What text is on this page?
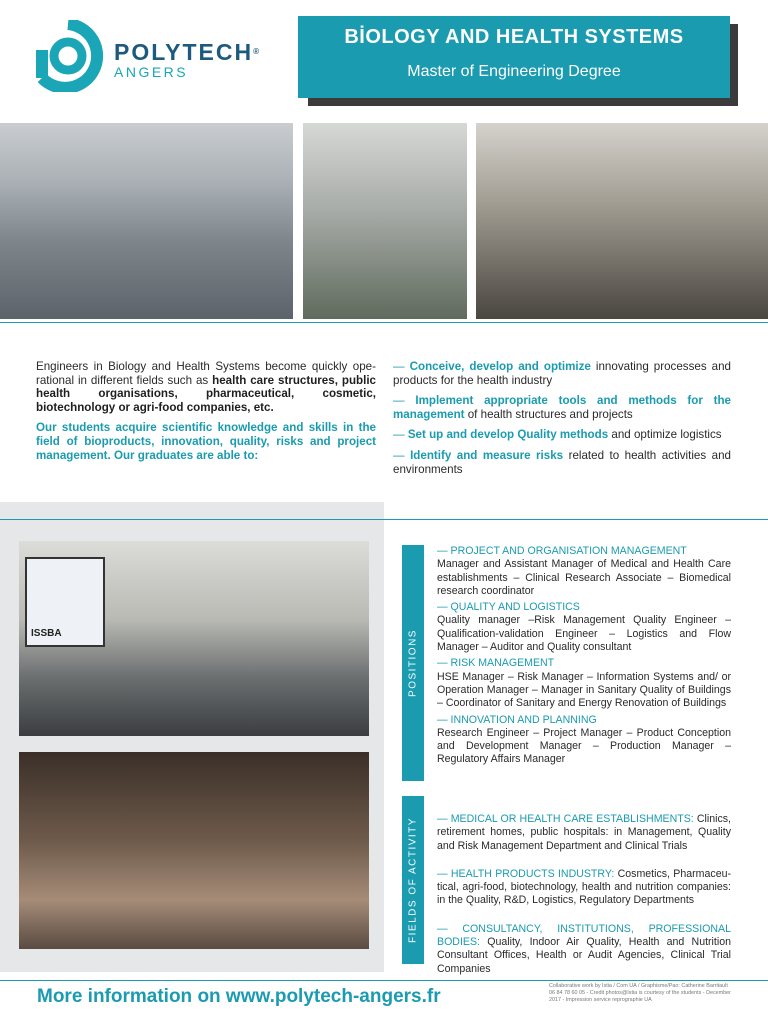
POLYTECH®
ANGERS
BİOLOGY AND HEALTH SYSTEMS
Master of Engineering Degree
Engineers in Biology and Health Systems become quickly operational in different fields such as health care structures, public health organisations, pharmaceutical, cosmetic, biotechnology or agri-food companies, etc.
Our students acquire scientific knowledge and skills in the field of bioproducts, innovation, quality, risks and project management. Our graduates are able to:
— Conceive, develop and optimize innovating processes and products for the health industry
— Implement appropriate tools and methods for the management of health structures and projects
— Set up and develop Quality methods and optimize logistics
— Identify and measure risks related to health activities and environments
ISSBA	POSITIONS
FIELDS OF ACTIVITY
— PROJECT AND ORGANISATION MANAGEMENT
Manager and Assistant Manager of Medical and Health Care establishments – Clinical Research Associate – Biomedical research coordinator
— QUALITY AND LOGISTICS
Quality manager –Risk Management Quality Engineer – Qualification-validation Engineer – Logistics and Flow Manager – Auditor and Quality consultant
— RISK MANAGEMENT
HSE Manager – Risk Manager – Information Systems and/ or Operation Manager – Manager in Sanitary Quality of Buildings – Coordinator of Sanitary and Energy Renovation of Buildings
— INNOVATION AND PLANNING
Research Engineer – Project Manager – Product Conception and Development Manager – Production Manager – Regulatory Affairs Manager
— MEDICAL OR HEALTH CARE ESTABLISHMENTS: Clinics, retirement homes, public hospitals: in Management, Quality and Risk Management Department and Clinical Trials
— HEALTH PRODUCTS INDUSTRY: Cosmetics, Pharmaceutical, agri-food, biotechnology, health and nutrition companies: in the Quality, R&D, Logistics, Regulatory Departments
— CONSULTANCY, INSTITUTIONS, PROFESSIONAL BODIES: Quality, Indoor Air Quality, Health and Nutrition Consultant Offices, Health or Audit Agencies, Clinical Trial Companies
More information on www.polytech-angers.fr	Collaborative work by Istia / Com UA / Graphisme/Pao: Catherine Barritault 06 84 78 60 05 - Credit photos@Istia is courtesy of the students - December 2017 - Impression service reprographie UA
